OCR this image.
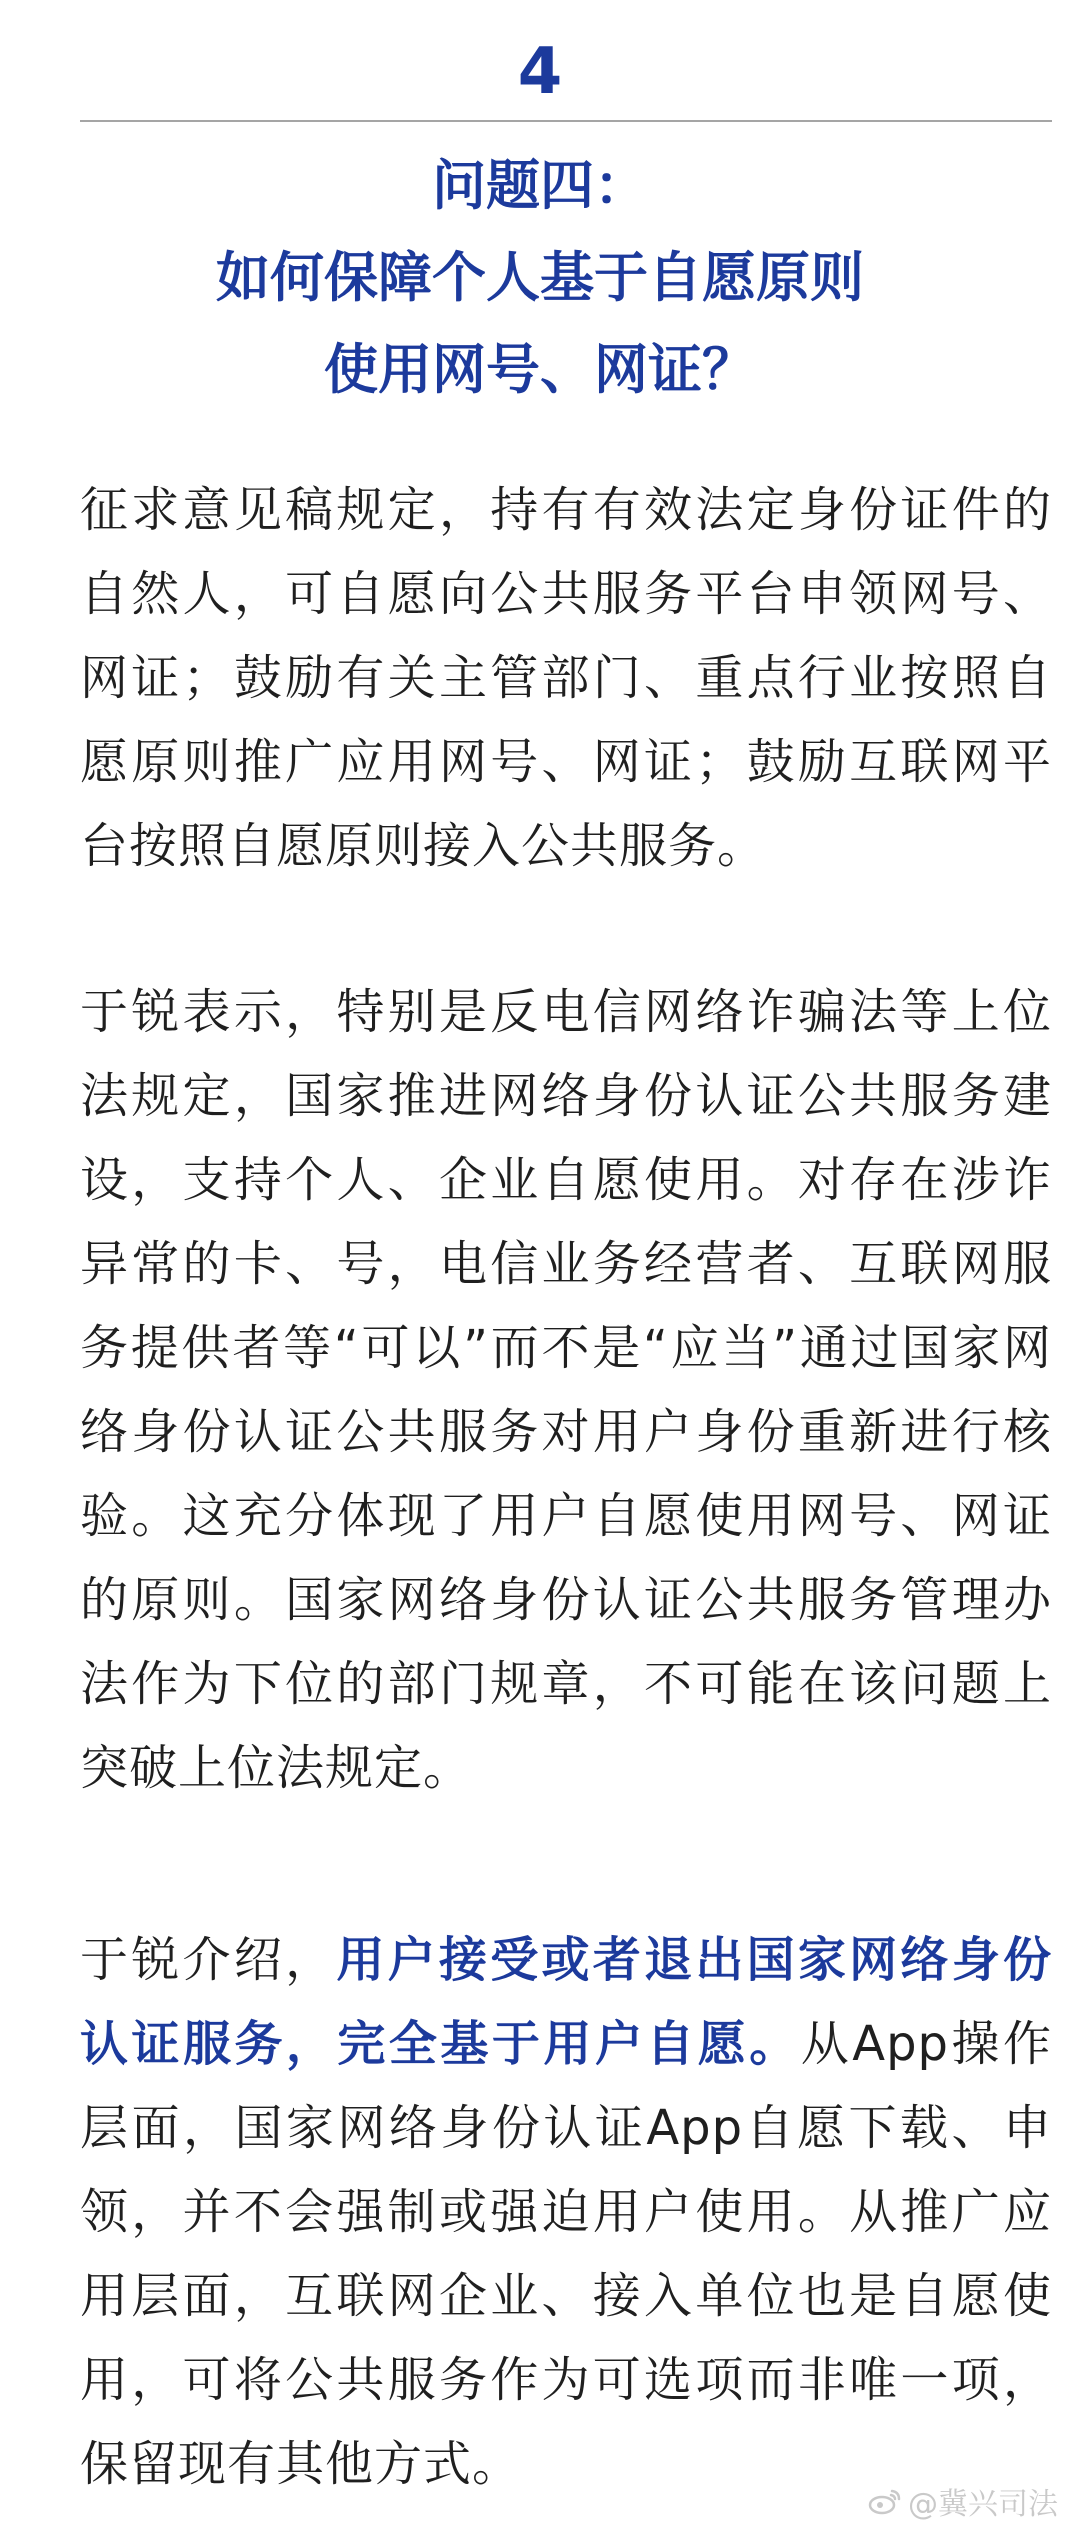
4
问题四：
如何保障个人基于自愿原则
使用网号、网证？

征求意见稿规定，持有有效法定身份证件的自然人，可自愿向公共服务平台申领网号、网证；鼓励有关主管部门、重点行业按照自愿原则推广应用网号、网证；鼓励互联网平台按照自愿原则接入公共服务。

于锐表示，特别是反电信网络诈骗法等上位法规定，国家推进网络身份认证公共服务建设，支持个人、企业自愿使用。对存在涉诈异常的卡、号，电信业务经营者、互联网服务提供者等“可以”而不是“应当”通过国家网络身份认证公共服务对用户身份重新进行核验。这充分体现了用户自愿使用网号、网证的原则。国家网络身份认证公共服务管理办法作为下位的部门规章，不可能在该问题上突破上位法规定。

于锐介绍，用户接受或者退出国家网络身份认证服务，完全基于用户自愿。从App操作层面，国家网络身份认证App自愿下载、申领，并不会强制或强迫用户使用。从推广应用层面，互联网企业、接入单位也是自愿使用，可将公共服务作为可选项而非唯一项，保留现有其他方式。

@冀兴司法
